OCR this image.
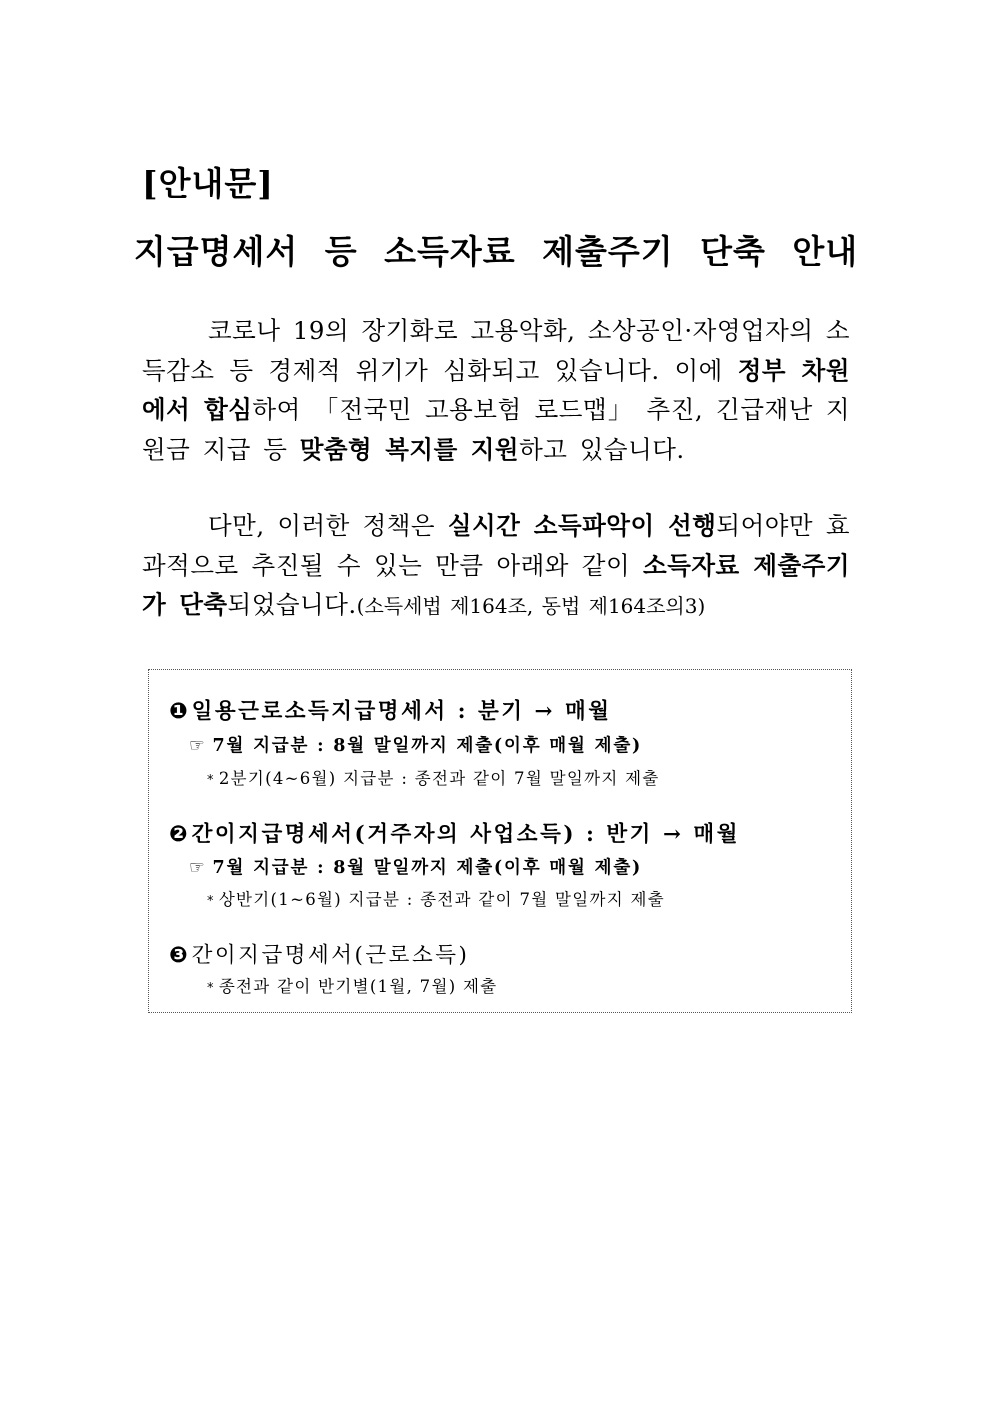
[안내문]
지급명세서 등 소득자료 제출주기 단축 안내
코로나 19의 장기화로 고용악화, 소상공인·자영업자의 소득감소 등 경제적 위기가 심화되고 있습니다. 이에 정부 차원에서 합심하여 「전국민 고용보험 로드맵」 추진, 긴급재난 지원금 지급 등 맞춤형 복지를 지원하고 있습니다.
다만, 이러한 정책은 실시간 소득파악이 선행되어야만 효과적으로 추진될 수 있는 만큼 아래와 같이 소득자료 제출주기가 단축되었습니다.(소득세법 제164조, 동법 제164조의3)
❶ 일용근로소득지급명세서 : 분기 → 매월
☞ 7월 지급분 : 8월 말일까지 제출(이후 매월 제출)
* 2분기(4~6월) 지급분 : 종전과 같이 7월 말일까지 제출
❷ 간이지급명세서(거주자의 사업소득) : 반기 → 매월
☞ 7월 지급분 : 8월 말일까지 제출(이후 매월 제출)
* 상반기(1~6월) 지급분 : 종전과 같이 7월 말일까지 제출
❸ 간이지급명세서(근로소득)
* 종전과 같이 반기별(1월, 7월) 제출
